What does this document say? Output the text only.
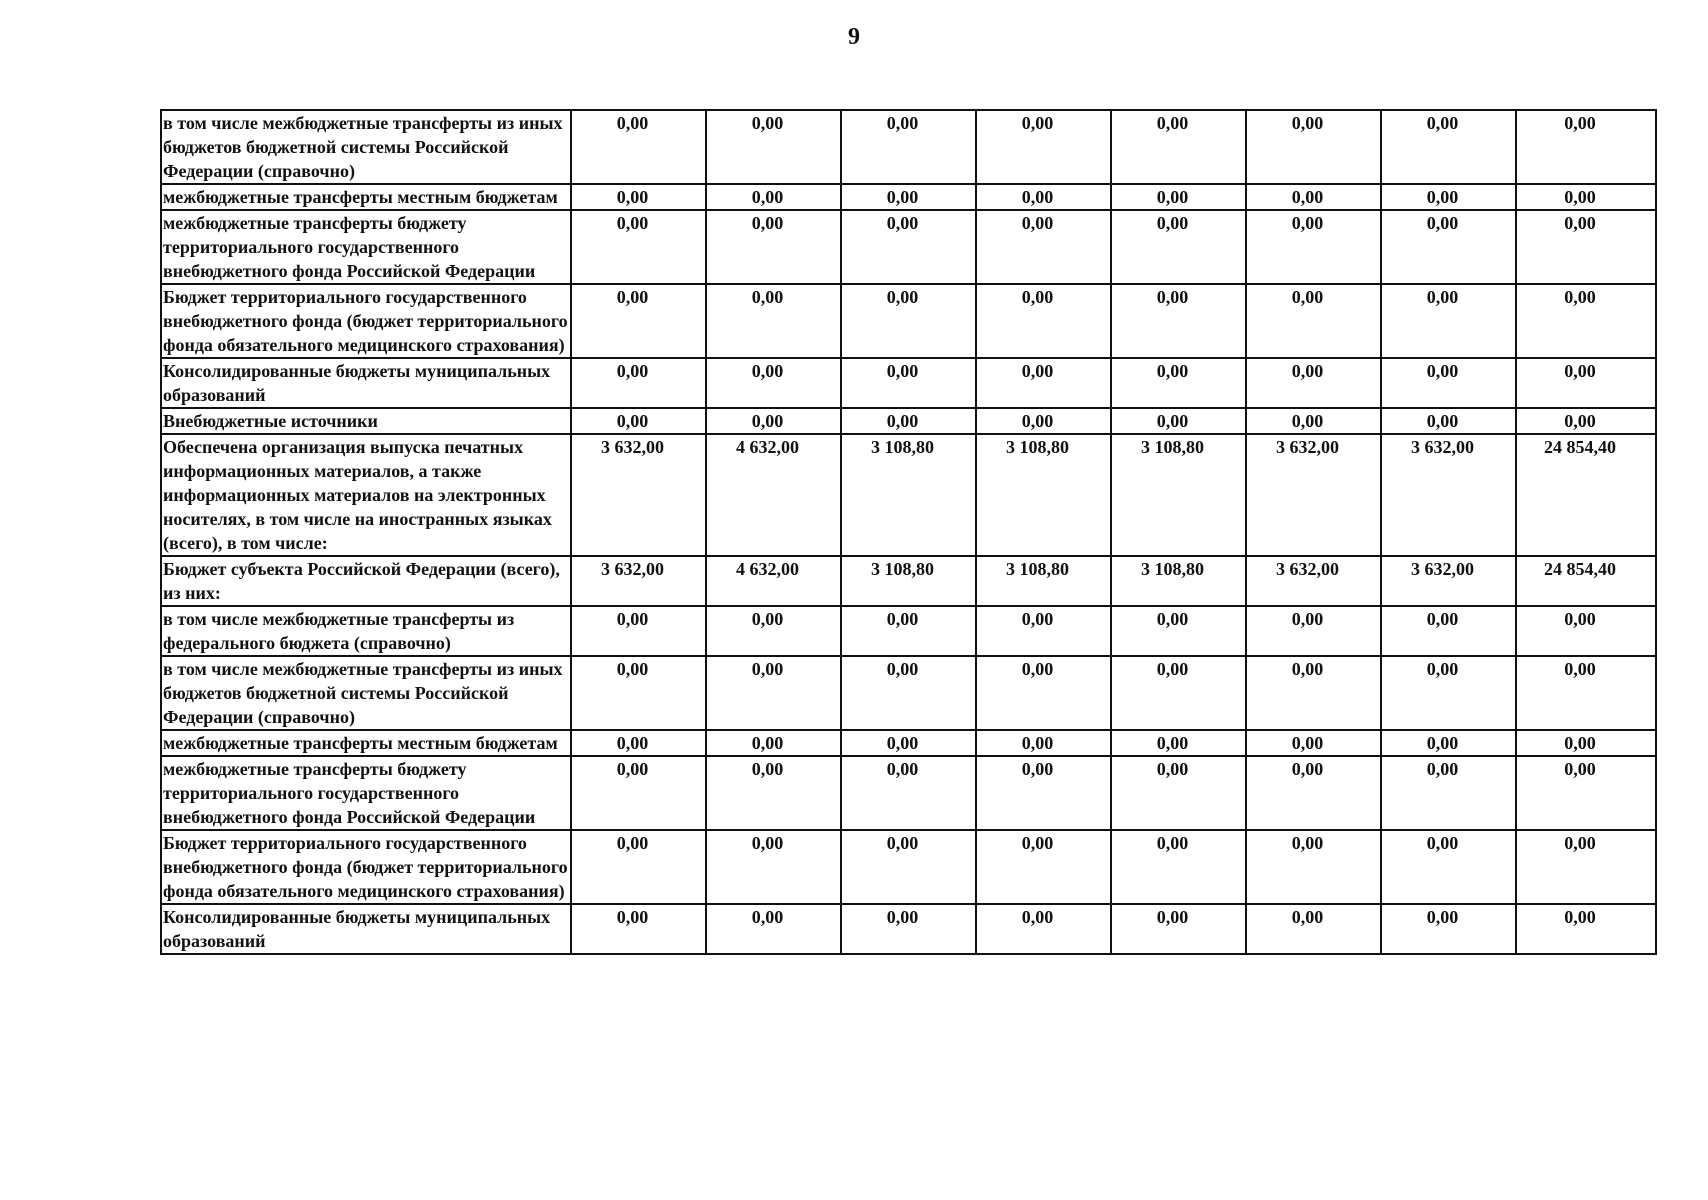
9
в том числе межбюджетные трансферты из иных бюджетов бюджетной системы Российской Федерации (справочно)	0,00	0,00	0,00	0,00	0,00	0,00	0,00	0,00
межбюджетные трансферты местным бюджетам	0,00	0,00	0,00	0,00	0,00	0,00	0,00	0,00
межбюджетные трансферты бюджету территориального государственного внебюджетного фонда Российской Федерации	0,00	0,00	0,00	0,00	0,00	0,00	0,00	0,00
Бюджет территориального государственного внебюджетного фонда (бюджет территориального фонда обязательного медицинского страхования)	0,00	0,00	0,00	0,00	0,00	0,00	0,00	0,00
Консолидированные бюджеты муниципальных образований	0,00	0,00	0,00	0,00	0,00	0,00	0,00	0,00
Внебюджетные источники	0,00	0,00	0,00	0,00	0,00	0,00	0,00	0,00
Обеспечена организация выпуска печатных информационных материалов, а также информационных материалов на электронных носителях, в том числе на иностранных языках (всего), в том числе:	3 632,00	4 632,00	3 108,80	3 108,80	3 108,80	3 632,00	3 632,00	24 854,40
Бюджет субъекта Российской Федерации (всего), из них:	3 632,00	4 632,00	3 108,80	3 108,80	3 108,80	3 632,00	3 632,00	24 854,40
в том числе межбюджетные трансферты из федерального бюджета (справочно)	0,00	0,00	0,00	0,00	0,00	0,00	0,00	0,00
в том числе межбюджетные трансферты из иных бюджетов бюджетной системы Российской Федерации (справочно)	0,00	0,00	0,00	0,00	0,00	0,00	0,00	0,00
межбюджетные трансферты местным бюджетам	0,00	0,00	0,00	0,00	0,00	0,00	0,00	0,00
межбюджетные трансферты бюджету территориального государственного внебюджетного фонда Российской Федерации	0,00	0,00	0,00	0,00	0,00	0,00	0,00	0,00
Бюджет территориального государственного внебюджетного фонда (бюджет территориального фонда обязательного медицинского страхования)	0,00	0,00	0,00	0,00	0,00	0,00	0,00	0,00
Консолидированные бюджеты муниципальных образований	0,00	0,00	0,00	0,00	0,00	0,00	0,00	0,00
